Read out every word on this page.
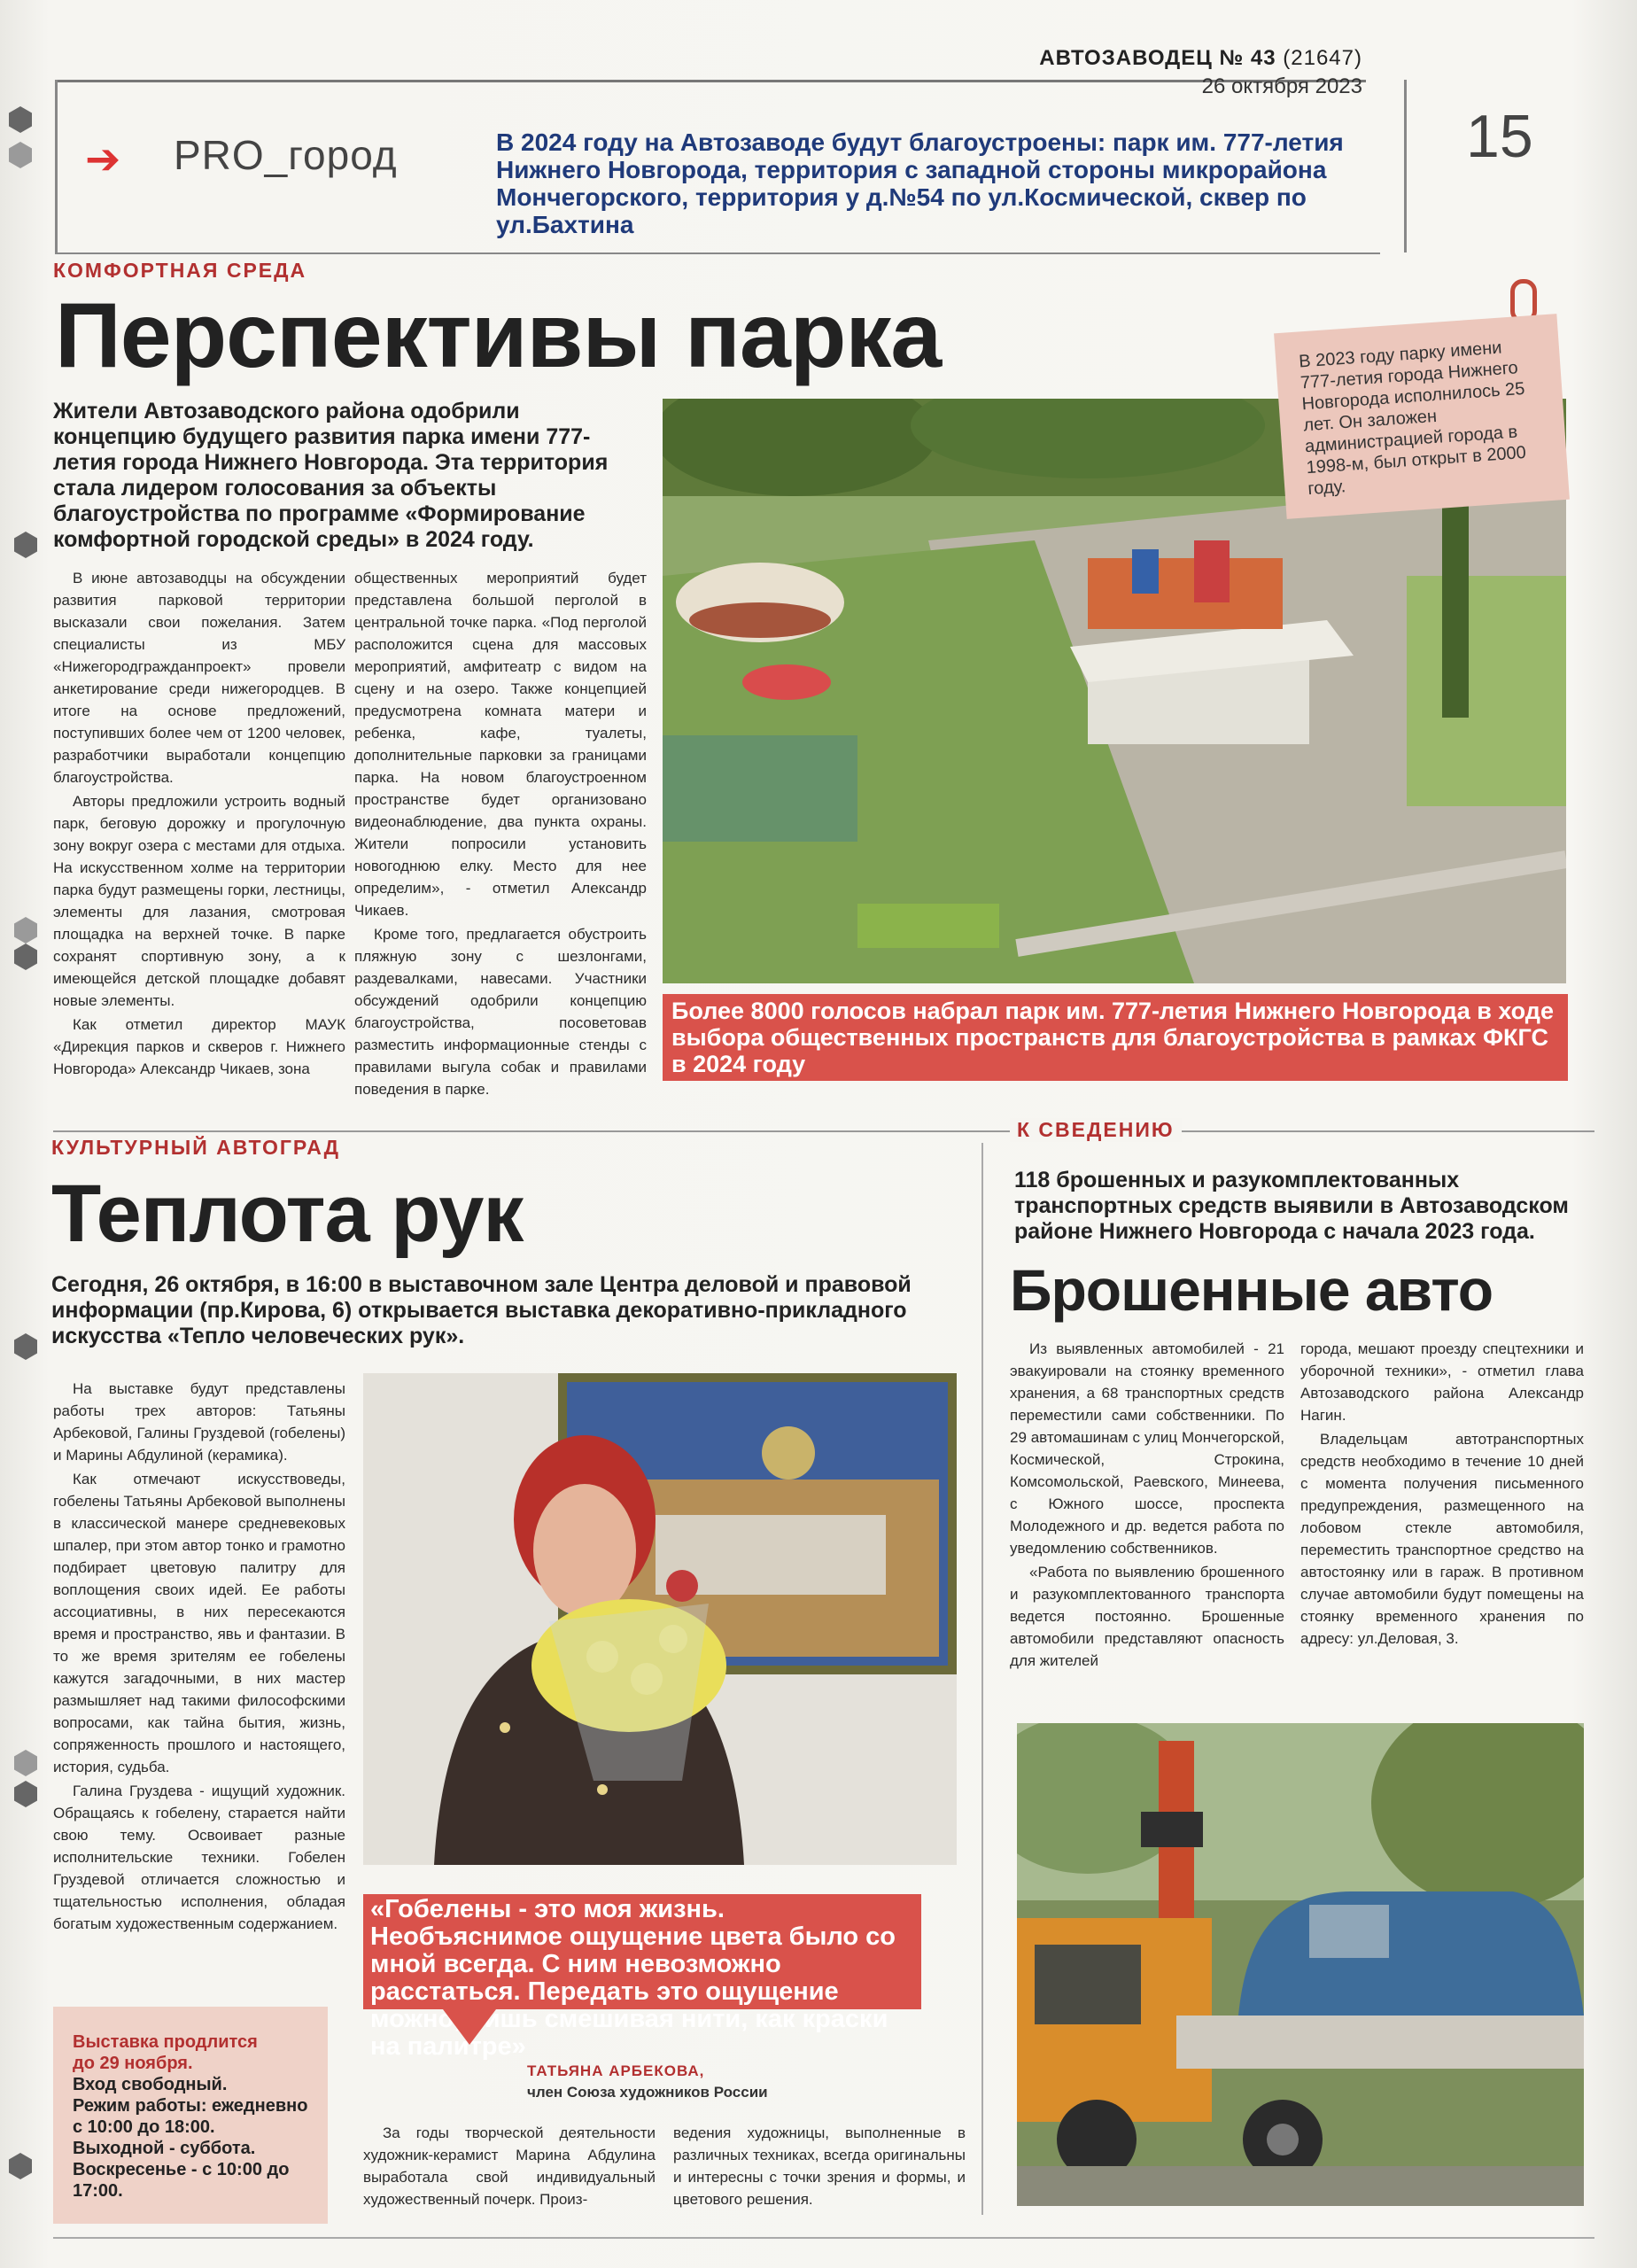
АВТОЗАВОДЕЦ № 43 (21647)
26 октября 2023
15
➔ PRO_город	В 2024 году на Автозаводе будут благоустроены: парк им. 777-летия Нижнего Новгорода, территория с западной стороны микрорайона Мончегорского, территория у д.№54 по ул.Космической, сквер по ул.Бахтина
КОМФОРТНАЯ СРЕДА
Перспективы парка
Жители Автозаводского района одобрили концепцию будущего развития парка имени 777-летия города Нижнего Новгорода. Эта территория стала лидером голосования за объекты благоустройства по программе «Формирование комфортной городской среды» в 2024 году.

В июне автозаводцы на обсуждении развития парковой территории высказали свои пожелания. Затем специалисты из МБУ «Нижегородгражданпроект» провели анкетирование среди нижегородцев. В итоге на основе предложений, поступивших более чем от 1200 человек, разработчики выработали концепцию благоустройства.

Авторы предложили устроить водный парк, беговую дорожку и прогулочную зону вокруг озера с местами для отдыха. На искусственном холме на территории парка будут размещены горки, лестницы, элементы для лазания, смотровая площадка на верхней точке. В парке сохранят спортивную зону, а к имеющейся детской площадке добавят новые элементы.

Как отметил директор МАУК «Дирекция парков и скверов г. Нижнего Новгорода» Александр Чикаев, зона

общественных мероприятий будет представлена большой перголой в центральной точке парка. «Под перголой расположится сцена для массовых мероприятий, амфитеатр с видом на сцену и на озеро. Также концепцией предусмотрена комната матери и ребенка, кафе, туалеты, дополнительные парковки за границами парка. На новом благоустроенном пространстве будет организовано видеонаблюдение, два пункта охраны. Жители попросили установить новогоднюю елку. Место для нее определим», - отметил Александр Чикаев.

Кроме того, предлагается обустроить пляжную зону с шезлонгами, раздевалками, навесами. Участники обсуждений одобрили концепцию благоустройства, посоветовав разместить информационные стенды с правилами выгула собак и правилами поведения в парке.

В 2023 году парку имени 777-летия города Нижнего Новгорода исполнилось 25 лет. Он заложен администрацией города в 1998-м, был открыт в 2000 году.
Более 8000 голосов набрал парк им. 777-летия Нижнего Новгорода в ходе выбора общественных пространств для благоустройства в рамках ФКГС в 2024 году
КУЛЬТУРНЫЙ АВТОГРАД
Теплота рук
Сегодня, 26 октября, в 16:00 в выставочном зале Центра деловой и правовой информации (пр.Кирова, 6) открывается выставка декоративно-прикладного искусства «Тепло человеческих рук».

На выставке будут представлены работы трех авторов: Татьяны Арбековой, Галины Груздевой (гобелены) и Марины Абдулиной (керамика).

Как отмечают искусствоведы, гобелены Татьяны Арбековой выполнены в классической манере средневековых шпалер, при этом автор тонко и грамотно подбирает цветовую палитру для воплощения своих идей. Ее работы ассоциативны, в них пересекаются время и пространство, явь и фантазии. В то же время зрителям ее гобелены кажутся загадочными, в них мастер размышляет над такими философскими вопросами, как тайна бытия, жизнь, сопряженность прошлого и настоящего, история, судьба.

Галина Груздева - ищущий художник. Обращаясь к гобелену, старается найти свою тему. Освоивает разные исполнительские техники. Гобелен Груздевой отличается сложностью и тщательностью исполнения, обладая богатым художественным содержанием.

«Гобелены - это моя жизнь. Необъяснимое ощущение цвета было со мной всегда. С ним невозможно расстаться. Передать это ощущение можно, лишь смешивая нити, как краски на палитре»
ТАТЬЯНА АРБЕКОВА,
член Союза художников России
Выставка продлится
до 29 ноября.
Вход свободный.
Режим работы: ежедневно с 10:00 до 18:00.
Выходной - суббота.
Воскресенье - с 10:00 до 17:00.

За годы творческой деятельности художник-керамист Марина Абдулина выработала свой индивидуальный художественный почерк. Произ-

ведения художницы, выполненные в различных техниках, всегда оригинальны и интересны с точки зрения и формы, и цветового решения.

К СВЕДЕНИЮ
118 брошенных и разукомплектованных транспортных средств выявили в Автозаводском районе Нижнего Новгорода с начала 2023 года.
Брошенные авто

Из выявленных автомобилей - 21 эвакуировали на стоянку временного хранения, а 68 транспортных средств переместили сами собственники. По 29 автомашинам с улиц Мончегорской, Космической, Строкина, Комсомольской, Раевского, Минеева, с Южного шоссе, проспекта Молодежного и др. ведется работа по уведомлению собственников.

«Работа по выявлению брошенного и разукомплектованного транспорта ведется постоянно. Брошенные автомобили представляют опасность для жителей

города, мешают проезду спецтехники и уборочной техники», - отметил глава Автозаводского района Александр Нагин.

Владельцам автотранспортных средств необходимо в течение 10 дней с момента получения письменного предупреждения, размещенного на лобовом стекле автомобиля, переместить транспортное средство на автостоянку или в гараж. В противном случае автомобили будут помещены на стоянку временного хранения по адресу: ул.Деловая, 3.
